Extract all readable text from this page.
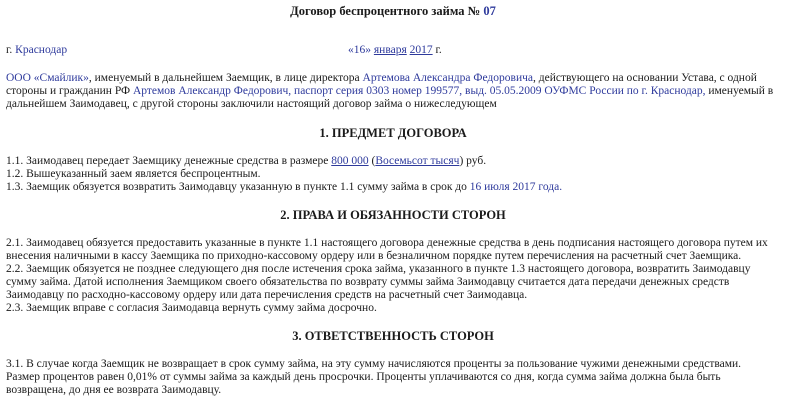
Договор беспроцентного займа № 07
г. Краснодар	«16» января 2017 г.
ООО «Смайлик», именуемый в дальнейшем Заемщик, в лице директора Артемова Александра Федоровича, действующего на основании Устава, с одной стороны и гражданин РФ Артемов Александр Федорович, паспорт серия 0303 номер 199577, выд. 05.05.2009 ОУФМС России по г. Краснодар, именуемый в дальнейшем Заимодавец, с другой стороны заключили настоящий договор займа о нижеследующем
1. ПРЕДМЕТ ДОГОВОРА
1.1. Заимодавец передает Заемщику денежные средства в размере 800 000 (Восемьсот тысяч) руб.
1.2. Вышеуказанный заем является беспроцентным.
1.3. Заемщик обязуется возвратить Заимодавцу указанную в пункте 1.1 сумму займа в срок до 16 июля 2017 года.
2. ПРАВА И ОБЯЗАННОСТИ СТОРОН
2.1. Заимодавец обязуется предоставить указанные в пункте 1.1 настоящего договора денежные средства в день подписания настоящего договора путем их внесения наличными в кассу Заемщика по приходно-кассовому ордеру или в безналичном порядке путем перечисления на расчетный счет Заемщика.
2.2. Заемщик обязуется не позднее следующего дня после истечения срока займа, указанного в пункте 1.3 настоящего договора, возвратить Заимодавцу сумму займа. Датой исполнения Заемщиком своего обязательства по возврату суммы займа Заимодавцу считается дата передачи денежных средств Заимодавцу по расходно-кассовому ордеру или дата перечисления средств на расчетный счет Заимодавца.
2.3. Заемщик вправе с согласия Заимодавца вернуть сумму займа досрочно.
3. ОТВЕТСТВЕННОСТЬ СТОРОН
3.1. В случае когда Заемщик не возвращает в срок сумму займа, на эту сумму начисляются проценты за пользование чужими денежными средствами. Размер процентов равен 0,01% от суммы займа за каждый день просрочки. Проценты уплачиваются со дня, когда сумма займа должна была быть возвращена, до дня ее возврата Заимодавцу.
